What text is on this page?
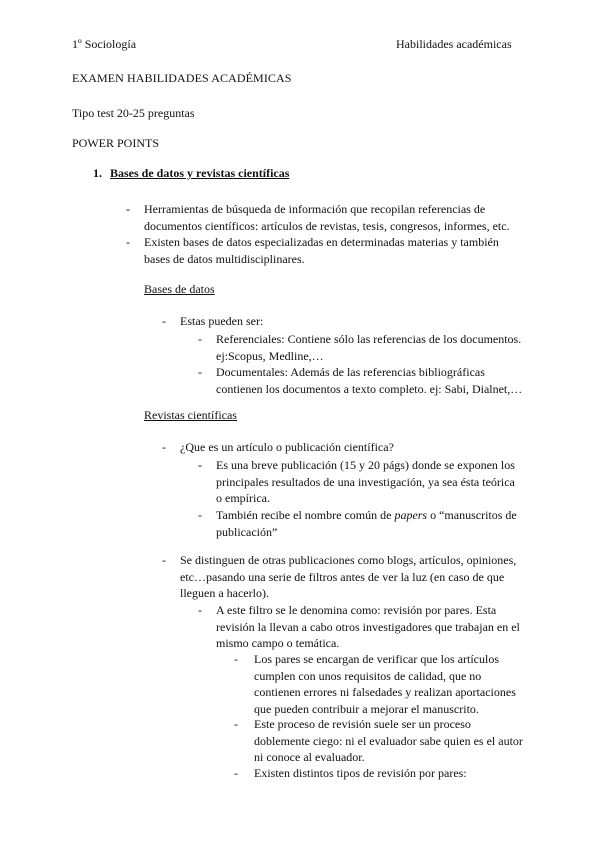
1º Sociología	Habilidades académicas
EXAMEN HABILIDADES ACADÉMICAS
Tipo test 20-25 preguntas
POWER POINTS
1. Bases de datos y revistas científicas
- Herramientas de búsqueda de información que recopilan referencias de
documentos científicos: artículos de revistas, tesis, congresos, informes, etc.
- Existen bases de datos especializadas en determinadas materias y también
bases de datos multidisciplinares.
Bases de datos
- Estas pueden ser:
- Referenciales: Contiene sólo las referencias de los documentos.
ej:Scopus, Medline,…
- Documentales: Además de las referencias bibliográficas
contienen los documentos a texto completo. ej: Sabi, Dialnet,…
Revistas científicas
- ¿Que es un artículo o publicación científica?
- Es una breve publicación (15 y 20 págs) donde se exponen los
principales resultados de una investigación, ya sea ésta teórica
o empírica.
- También recibe el nombre común de papers o “manuscritos de
publicación”
- Se distinguen de otras publicaciones como blogs, artículos, opiniones,
etc…pasando una serie de filtros antes de ver la luz (en caso de que
lleguen a hacerlo).
- A este filtro se le denomina como: revisión por pares. Esta
revisión la llevan a cabo otros investigadores que trabajan en el
mismo campo o temática.
- Los pares se encargan de verificar que los artículos
cumplen con unos requisitos de calidad, que no
contienen errores ni falsedades y realizan aportaciones
que pueden contribuir a mejorar el manuscrito.
- Este proceso de revisión suele ser un proceso
doblemente ciego: ni el evaluador sabe quien es el autor
ni conoce al evaluador.
- Existen distintos tipos de revisión por pares:
